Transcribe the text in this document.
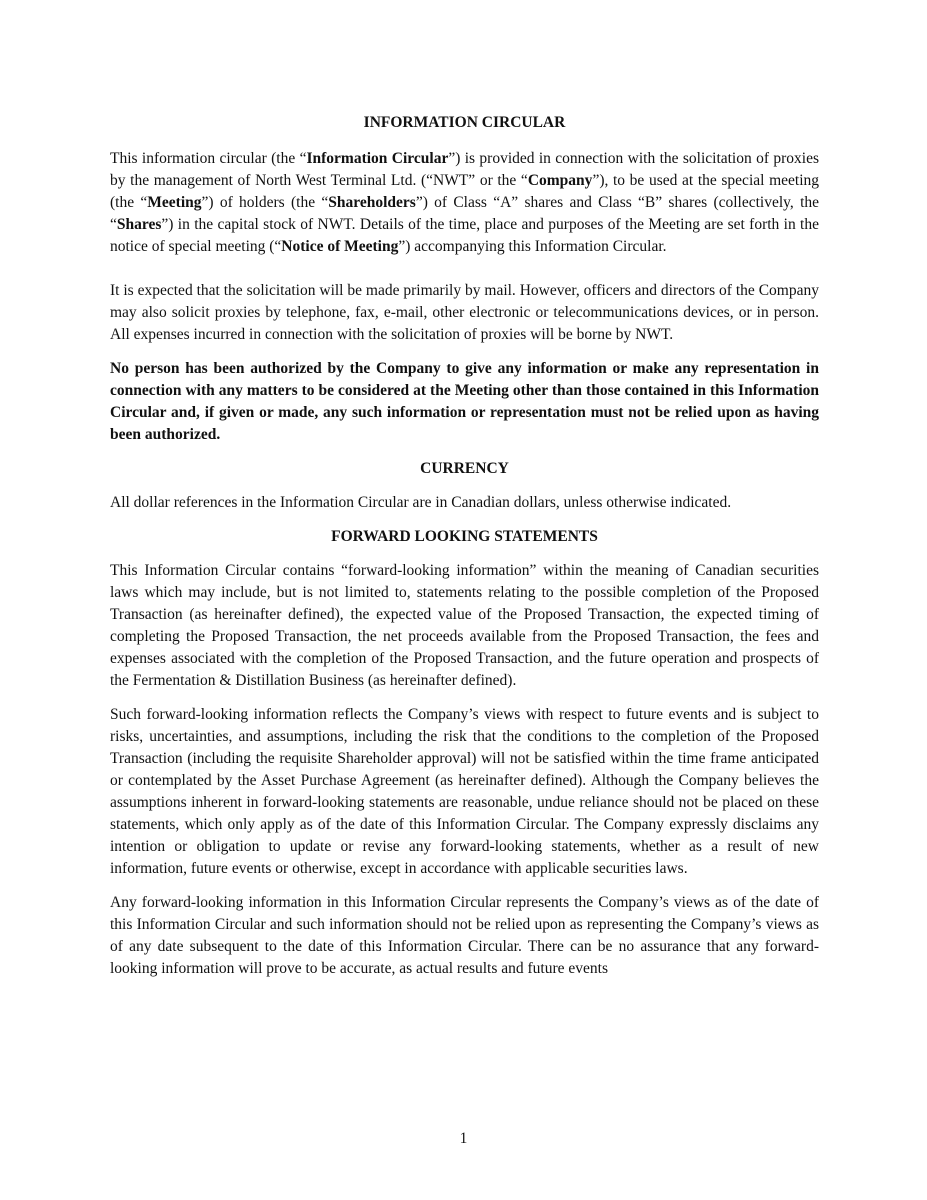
INFORMATION CIRCULAR

This information circular (the “Information Circular”) is provided in connection with the solicitation of proxies by the management of North West Terminal Ltd. (“NWT” or the “Company”), to be used at the special meeting (the “Meeting”) of holders (the “Shareholders”) of Class “A” shares and Class “B” shares (collectively, the “Shares”) in the capital stock of NWT. Details of the time, place and purposes of the Meeting are set forth in the notice of special meeting (“Notice of Meeting”) accompanying this Information Circular.

It is expected that the solicitation will be made primarily by mail. However, officers and directors of the Company may also solicit proxies by telephone, fax, e-mail, other electronic or telecommunications devices, or in person. All expenses incurred in connection with the solicitation of proxies will be borne by NWT.

No person has been authorized by the Company to give any information or make any representation in connection with any matters to be considered at the Meeting other than those contained in this Information Circular and, if given or made, any such information or representation must not be relied upon as having been authorized.

CURRENCY

All dollar references in the Information Circular are in Canadian dollars, unless otherwise indicated.

FORWARD LOOKING STATEMENTS

This Information Circular contains “forward-looking information” within the meaning of Canadian securities laws which may include, but is not limited to, statements relating to the possible completion of the Proposed Transaction (as hereinafter defined), the expected value of the Proposed Transaction, the expected timing of completing the Proposed Transaction, the net proceeds available from the Proposed Transaction, the fees and expenses associated with the completion of the Proposed Transaction, and the future operation and prospects of the Fermentation & Distillation Business (as hereinafter defined).

Such forward-looking information reflects the Company’s views with respect to future events and is subject to risks, uncertainties, and assumptions, including the risk that the conditions to the completion of the Proposed Transaction (including the requisite Shareholder approval) will not be satisfied within the time frame anticipated or contemplated by the Asset Purchase Agreement (as hereinafter defined). Although the Company believes the assumptions inherent in forward-looking statements are reasonable, undue reliance should not be placed on these statements, which only apply as of the date of this Information Circular. The Company expressly disclaims any intention or obligation to update or revise any forward-looking statements, whether as a result of new information, future events or otherwise, except in accordance with applicable securities laws.

Any forward-looking information in this Information Circular represents the Company’s views as of the date of this Information Circular and such information should not be relied upon as representing the Company’s views as of any date subsequent to the date of this Information Circular. There can be no assurance that any forward-looking information will prove to be accurate, as actual results and future events

1
